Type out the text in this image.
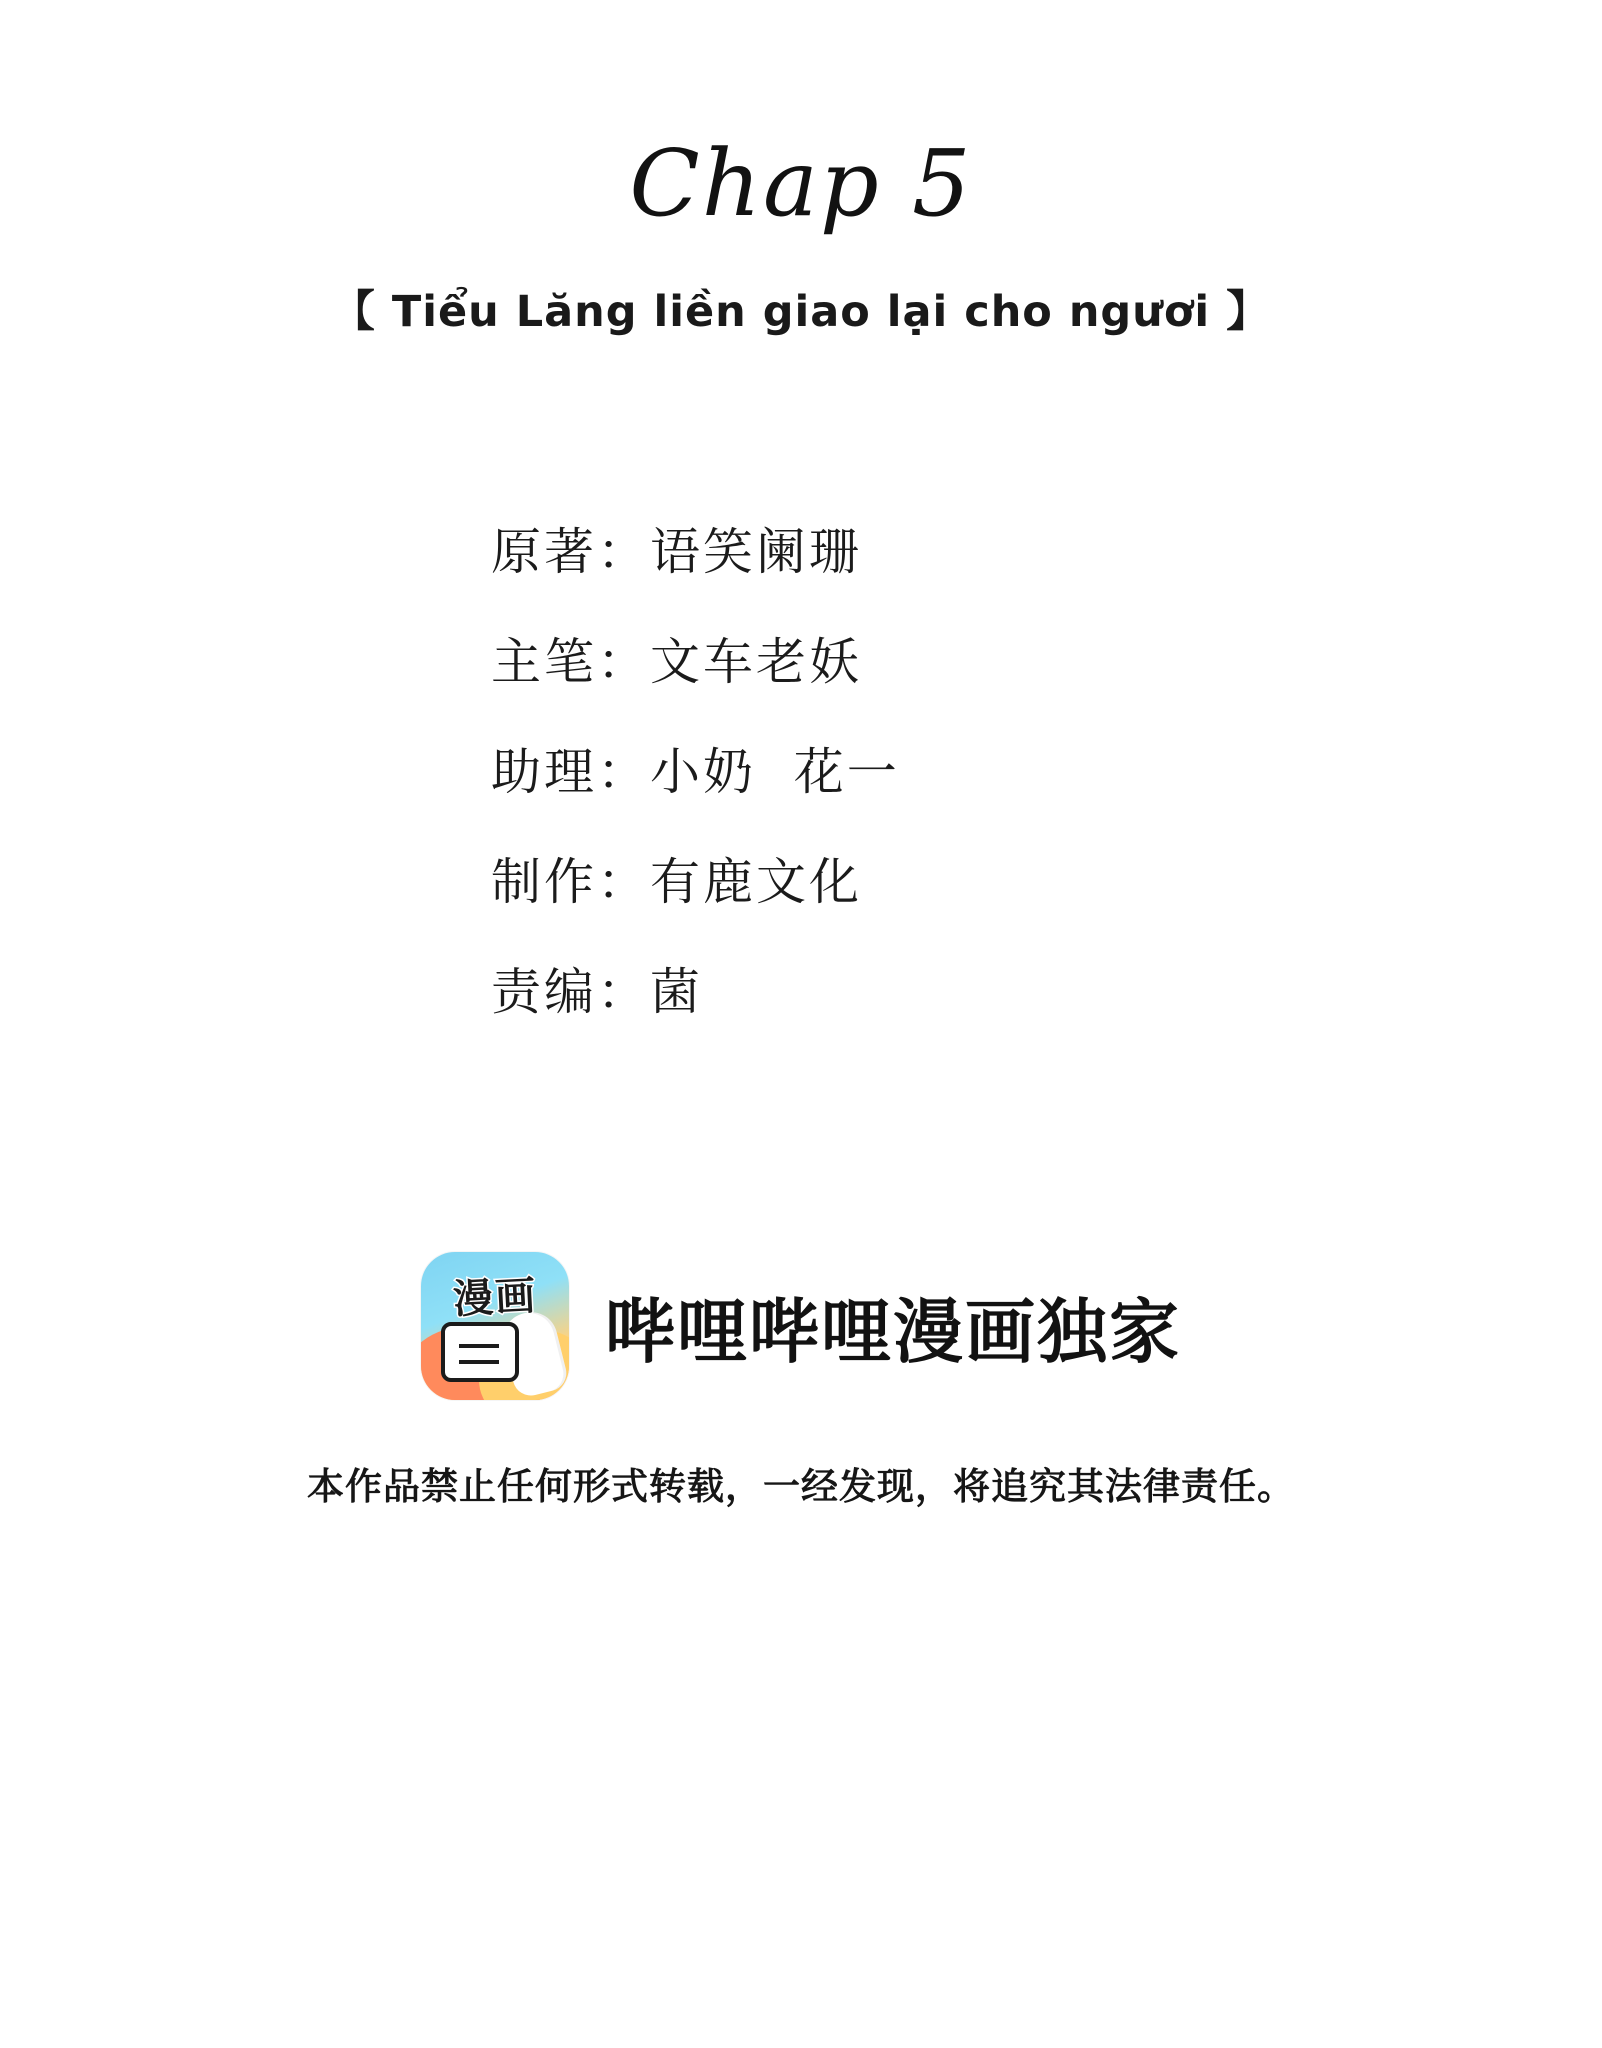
Chap 5
【 Tiểu Lăng liền giao lại cho ngươi 】
原著： 语笑阑珊
主笔： 文车老妖
助理： 小奶  花一
制作： 有鹿文化
责编： 菌
漫画 哔哩哔哩漫画独家
本作品禁止任何形式转载，一经发现，将追究其法律责任。
